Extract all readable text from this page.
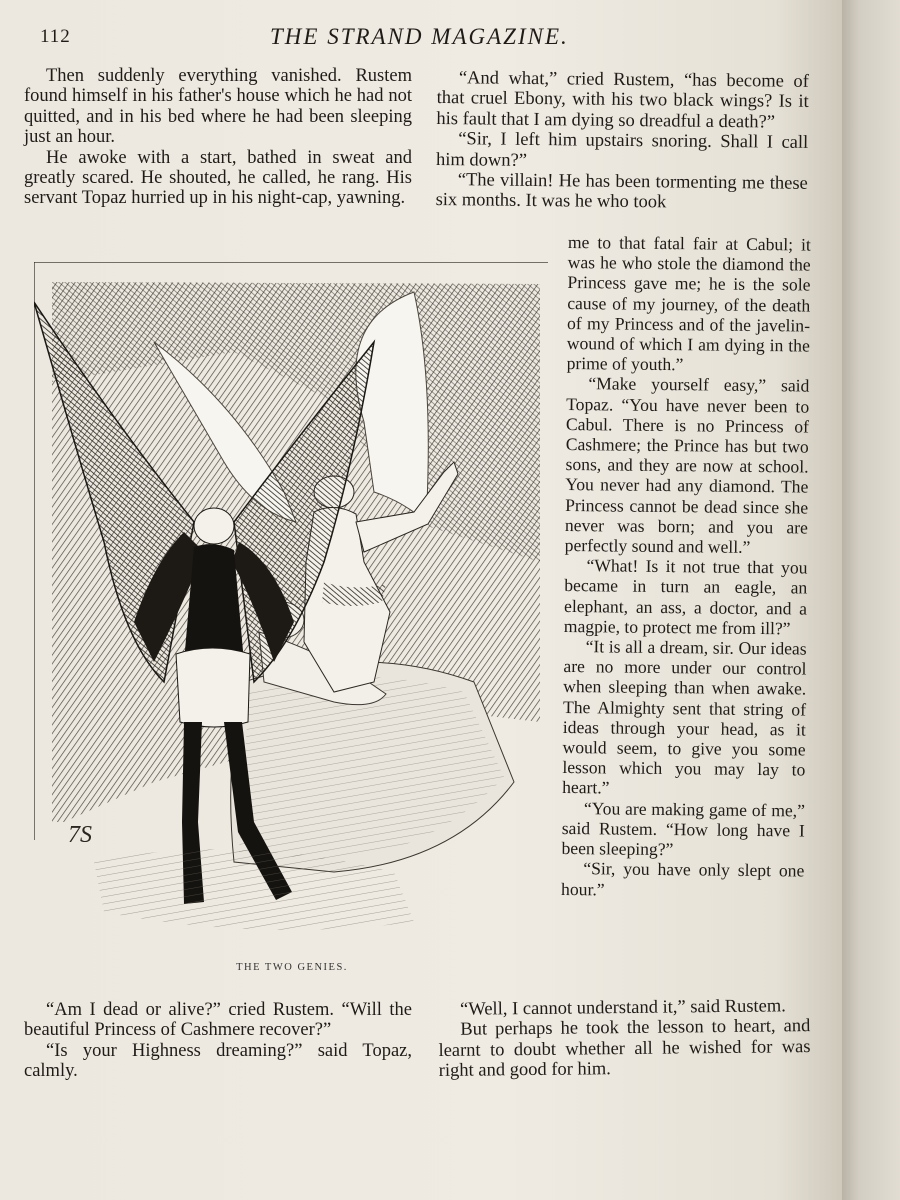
112	THE STRAND MAGAZINE.

Then suddenly everything vanished. Rustem found himself in his father's house which he had not quitted, and in his bed where he had been sleeping just an hour.

He awoke with a start, bathed in sweat and greatly scared. He shouted, he called, he rang. His servant Topaz hurried up in his night-cap, yawning.

7S
THE TWO GENIES.

“Am I dead or alive?” cried Rustem. “Will the beautiful Princess of Cashmere recover?”

“Is your Highness dreaming?” said Topaz, calmly.

“And what,” cried Rustem, “has become of that cruel Ebony, with his two black wings? Is it his fault that I am dying so dreadful a death?”

“Sir, I left him upstairs snoring. Shall I call him down?”

“The villain! He has been tormenting me these six months. It was he who took

me to that fatal fair at Cabul; it was he who stole the diamond the Princess gave me; he is the sole cause of my journey, of the death of my Princess and of the javelin-wound of which I am dying in the prime of youth.”

“Make yourself easy,” said Topaz. “You have never been to Cabul. There is no Princess of Cashmere; the Prince has but two sons, and they are now at school. You never had any diamond. The Princess cannot be dead since she never was born; and you are perfectly sound and well.”

“What! Is it not true that you became in turn an eagle, an elephant, an ass, a doctor, and a magpie, to protect me from ill?”

“It is all a dream, sir. Our ideas are no more under our control when sleeping than when awake. The Almighty sent that string of ideas through your head, as it would seem, to give you some lesson which you may lay to heart.”

“You are making game of me,” said Rustem. “How long have I been sleeping?”

“Sir, you have only slept one hour.”

“Well, I cannot understand it,” said Rustem.

But perhaps he took the lesson to heart, and learnt to doubt whether all he wished for was right and good for him.
